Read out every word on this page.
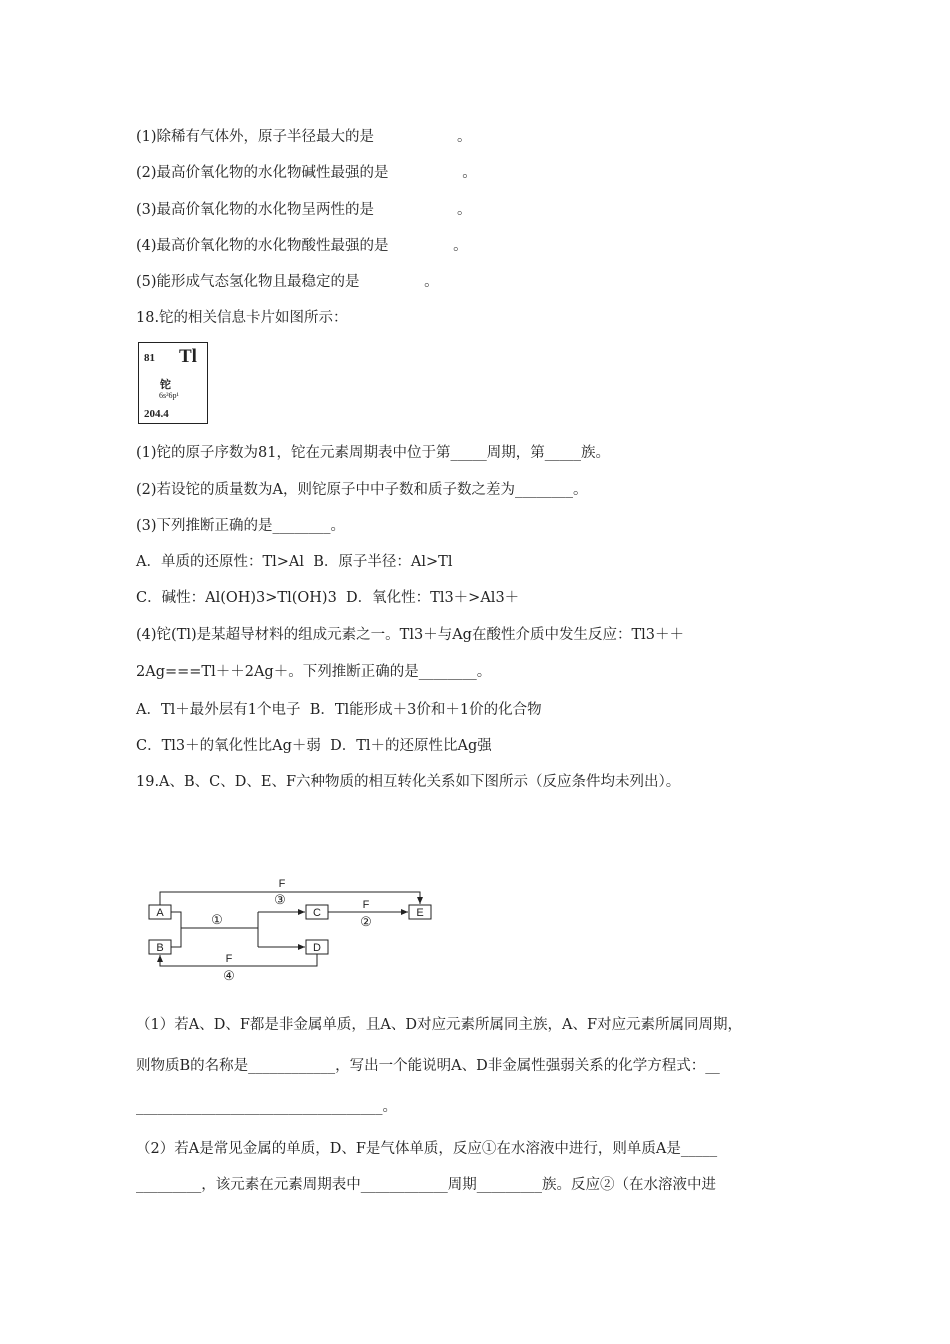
(1)除稀有气体外，原子半径最大的是                  。
(2)最高价氧化物的水化物碱性最强的是                。
(3)最高价氧化物的水化物呈两性的是                  。
(4)最高价氧化物的水化物酸性最强的是              。
(5)能形成气态氢化物且最稳定的是              。
18.铊的相关信息卡片如图所示：
(1)铊的原子序数为81，铊在元素周期表中位于第_____周期，第_____族。
(2)若设铊的质量数为A，则铊原子中中子数和质子数之差为________。
(3)下列推断正确的是________。
A．单质的还原性：Tl>Al  B．原子半径：Al>Tl
C．碱性：Al(OH)3>Tl(OH)3  D．氧化性：Tl3＋>Al3＋
(4)铊(Tl)是某超导材料的组成元素之一。Tl3＋与Ag在酸性介质中发生反应：Tl3＋＋
2Ag===Tl＋＋2Ag＋。下列推断正确的是________。
A．Tl＋最外层有1个电子  B．Tl能形成＋3价和＋1价的化合物
C．Tl3＋的氧化性比Ag＋弱  D．Tl＋的还原性比Ag强
19.A、B、C、D、E、F六种物质的相互转化关系如下图所示（反应条件均未列出）。
（1）若A、D、F都是非金属单质，且A、D对应元素所属同主族，A、F对应元素所属同周期，
则物质B的名称是____________，写出一个能说明A、D非金属性强弱关系的化学方程式：__
__________________________________。
（2）若A是常见金属的单质，D、F是气体单质，反应①在水溶液中进行，则单质A是_____
_________，该元素在元素周期表中____________周期_________族。反应②（在水溶液中进
81 Tl
铊
6s²6p¹
204.4
A
B
C
D
E
F
③
①
F
②
F
④
